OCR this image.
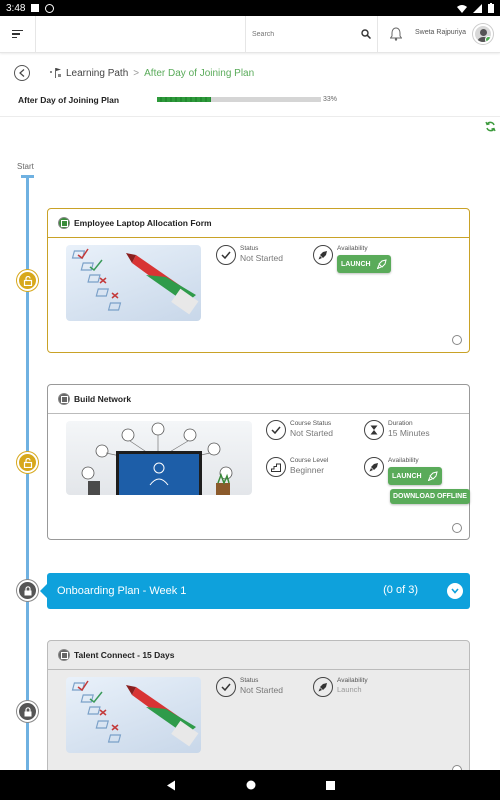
3:48
Search
Sweta Rajpuriya
Learning Path > After Day of Joining Plan
After Day of Joining Plan	33%
Start
Employee Laptop Allocation Form
Status
Not Started
Availability
LAUNCH
Build Network
Course Status
Not Started
Duration
15 Minutes
Course Level
Beginner
Availability
LAUNCH
DOWNLOAD OFFLINE
Onboarding Plan - Week 1	(0 of 3)
Talent Connect - 15 Days
Status
Not Started
Availability
Launch
